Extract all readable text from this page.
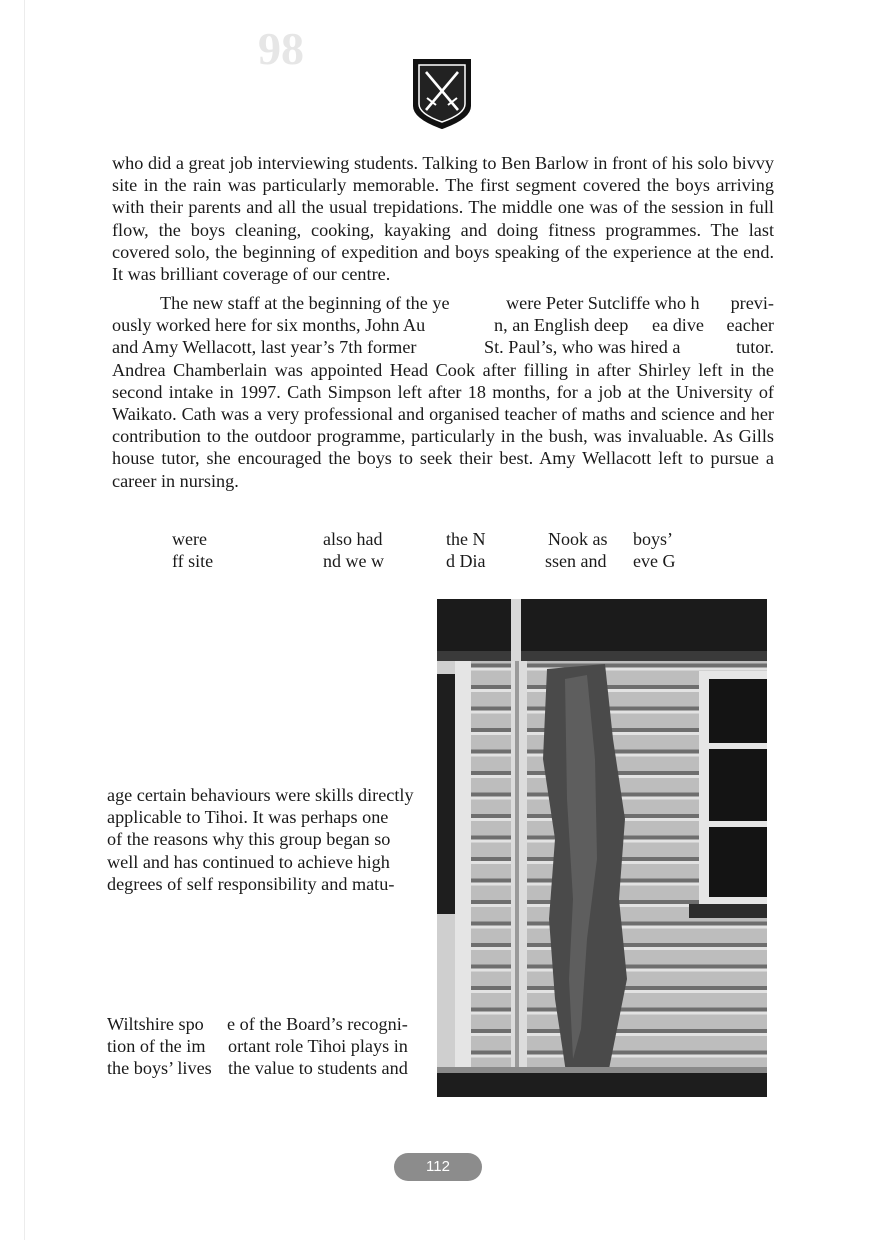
98

who did a great job interviewing students. Talking to Ben Barlow in front of his solo bivvy site in the rain was particularly memorable. The first segment covered the boys arriving with their parents and all the usual trepidations. The middle one was of the session in full flow, the boys cleaning, cooking, kayaking and doing fitness programmes. The last covered solo, the beginning of expedition and boys speaking of the experience at the end. It was brilliant coverage of our centre.

The new staff at the beginning of the ye	were Peter Sutcliffe who h	previ-
ously worked here for six months, John Au	n, an English deep ea dive eacher
and Amy Wellacott, last year’s 7th former	St. Paul’s, who was hired a	tutor.
Andrea Chamberlain was appointed Head Cook after filling in after Shirley left in the second intake in 1997. Cath Simpson left after 18 months, for a job at the University of Waikato. Cath was a very professional and organised teacher of maths and science and her contribution to the outdoor programme, particularly in the bush, was invaluable. As Gills house tutor, she encouraged the boys to seek their best. Amy Wellacott left to pursue a career in nursing.
were	also had	the N	Nook as boys’
ff site	nd we w	d Dia	ssen and eve G
age certain behaviours were skills directly
applicable to Tihoi. It was perhaps one
of the reasons why this group began so
well and has continued to achieve high
degrees of self responsibility and matu-
Wiltshire spo e of the Board’s recogni-
tion of the im ortant role Tihoi plays in
the boys’ lives the value to students and
112
